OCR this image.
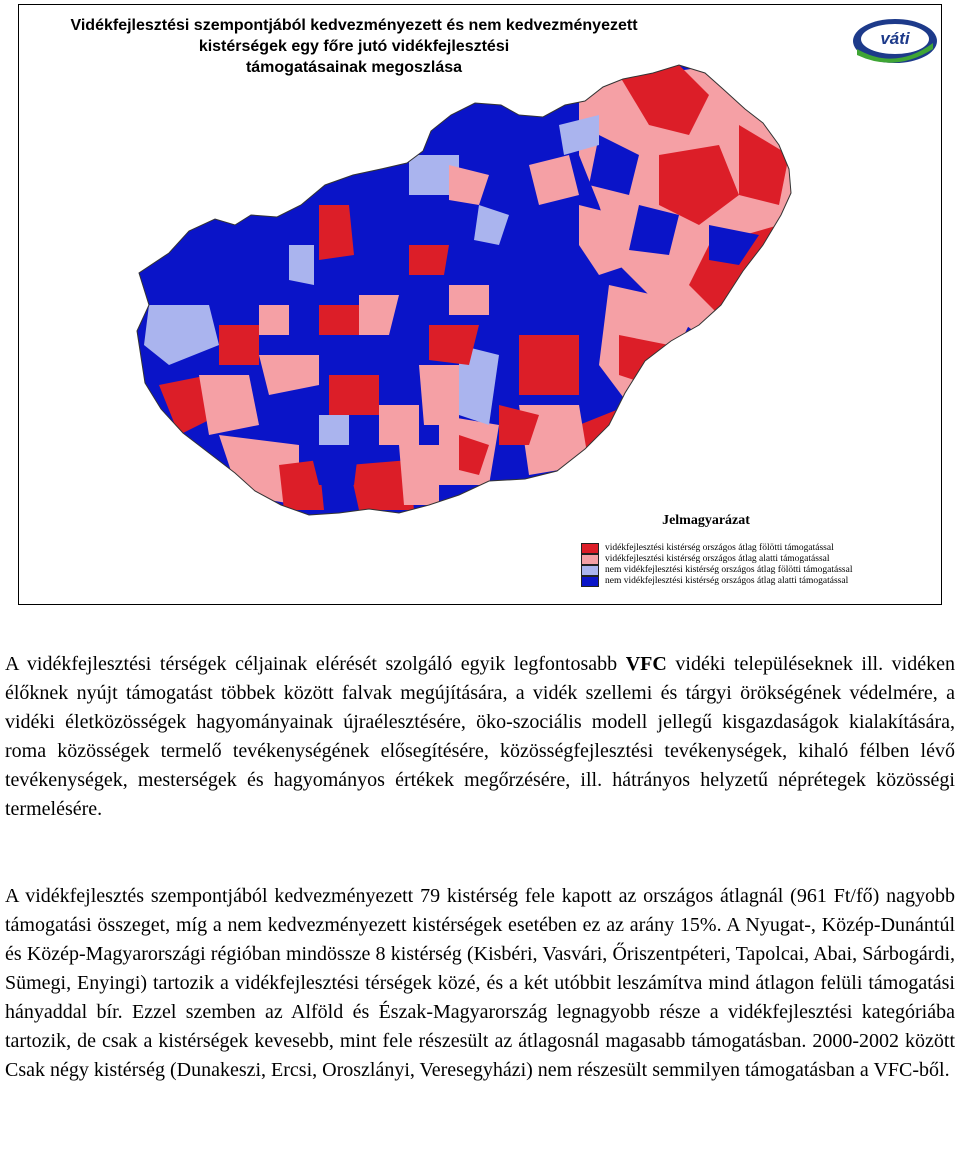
Vidékfejlesztési szempontjából kedvezményezett és nem kedvezményezett
kistérségek egy főre jutó vidékfejlesztési
támogatásainak megoszlása
váti
Jelmagyarázat
vidékfejlesztési kistérség országos átlag fölötti támogatással
vidékfejlesztési kistérség országos átlag alatti támogatással
nem vidékfejlesztési kistérség országos átlag fölötti támogatással
nem vidékfejlesztési kistérség országos átlag alatti támogatással

A vidékfejlesztési térségek céljainak elérését szolgáló egyik legfontosabb VFC vidéki településeknek ill. vidéken élőknek nyújt támogatást többek között falvak megújítására, a vidék szellemi és tárgyi örökségének védelmére, a vidéki életközösségek hagyományainak újraélesztésére, öko-szociális modell jellegű kisgazdaságok kialakítására, roma közösségek termelő tevékenységének elősegítésére, közösségfejlesztési tevékenységek, kihaló félben lévő tevékenységek, mesterségek és hagyományos értékek megőrzésére, ill. hátrányos helyzetű néprétegek közösségi termelésére.

A vidékfejlesztés szempontjából kedvezményezett 79 kistérség fele kapott az országos átlagnál (961 Ft/fő) nagyobb támogatási összeget, míg a nem kedvezményezett kistérségek esetében ez az arány 15%. A Nyugat-, Közép-Dunántúl és Közép-Magyarországi régióban mindössze 8 kistérség (Kisbéri, Vasvári, Őriszentpéteri, Tapolcai, Abai, Sárbogárdi, Sümegi, Enyingi) tartozik a vidékfejlesztési térségek közé, és a két utóbbit leszámítva mind átlagon felüli támogatási hányaddal bír. Ezzel szemben az Alföld és Észak-Magyarország legnagyobb része a vidékfejlesztési kategóriába tartozik, de csak a kistérségek kevesebb, mint fele részesült az átlagosnál magasabb támogatásban. 2000-2002 között Csak négy kistérség (Dunakeszi, Ercsi, Oroszlányi, Veresegyházi) nem részesült semmilyen támogatásban a VFC-ből.
